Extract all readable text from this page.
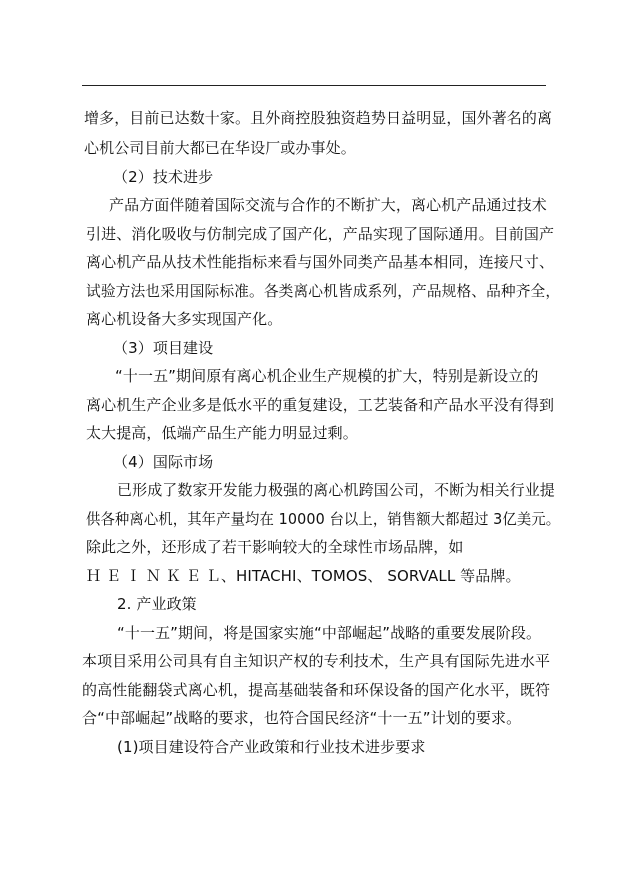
增多，目前已达数十家。且外商控股独资趋势日益明显，国外著名的离
心机公司目前大都已在华设厂或办事处。
（2）技术进步
产品方面伴随着国际交流与合作的不断扩大，离心机产品通过技术
引进、消化吸收与仿制完成了国产化，产品实现了国际通用。目前国产
离心机产品从技术性能指标来看与国外同类产品基本相同，连接尺寸、
试验方法也采用国际标准。各类离心机皆成系列，产品规格、品种齐全，
离心机设备大多实现国产化。
（3）项目建设
“十一五”期间原有离心机企业生产规模的扩大，特别是新设立的
离心机生产企业多是低水平的重复建设，工艺装备和产品水平没有得到
太大提高，低端产品生产能力明显过剩。
（4）国际市场
已形成了数家开发能力极强的离心机跨国公司，不断为相关行业提
供各种离心机，其年产量均在 10000 台以上，销售额大都超过 3亿美元。
除此之外，还形成了若干影响较大的全球性市场品牌，如
Ｈ Ｅ Ｉ Ｎ Ｋ Ｅ Ｌ、HITACHI、TOMOS、 SORVALL 等品牌。
2. 产业政策
“十一五”期间，将是国家实施“中部崛起”战略的重要发展阶段。
本项目采用公司具有自主知识产权的专利技术，生产具有国际先进水平
的高性能翻袋式离心机，提高基础装备和环保设备的国产化水平，既符
合“中部崛起”战略的要求，也符合国民经济“十一五”计划的要求。
(1)项目建设符合产业政策和行业技术进步要求
